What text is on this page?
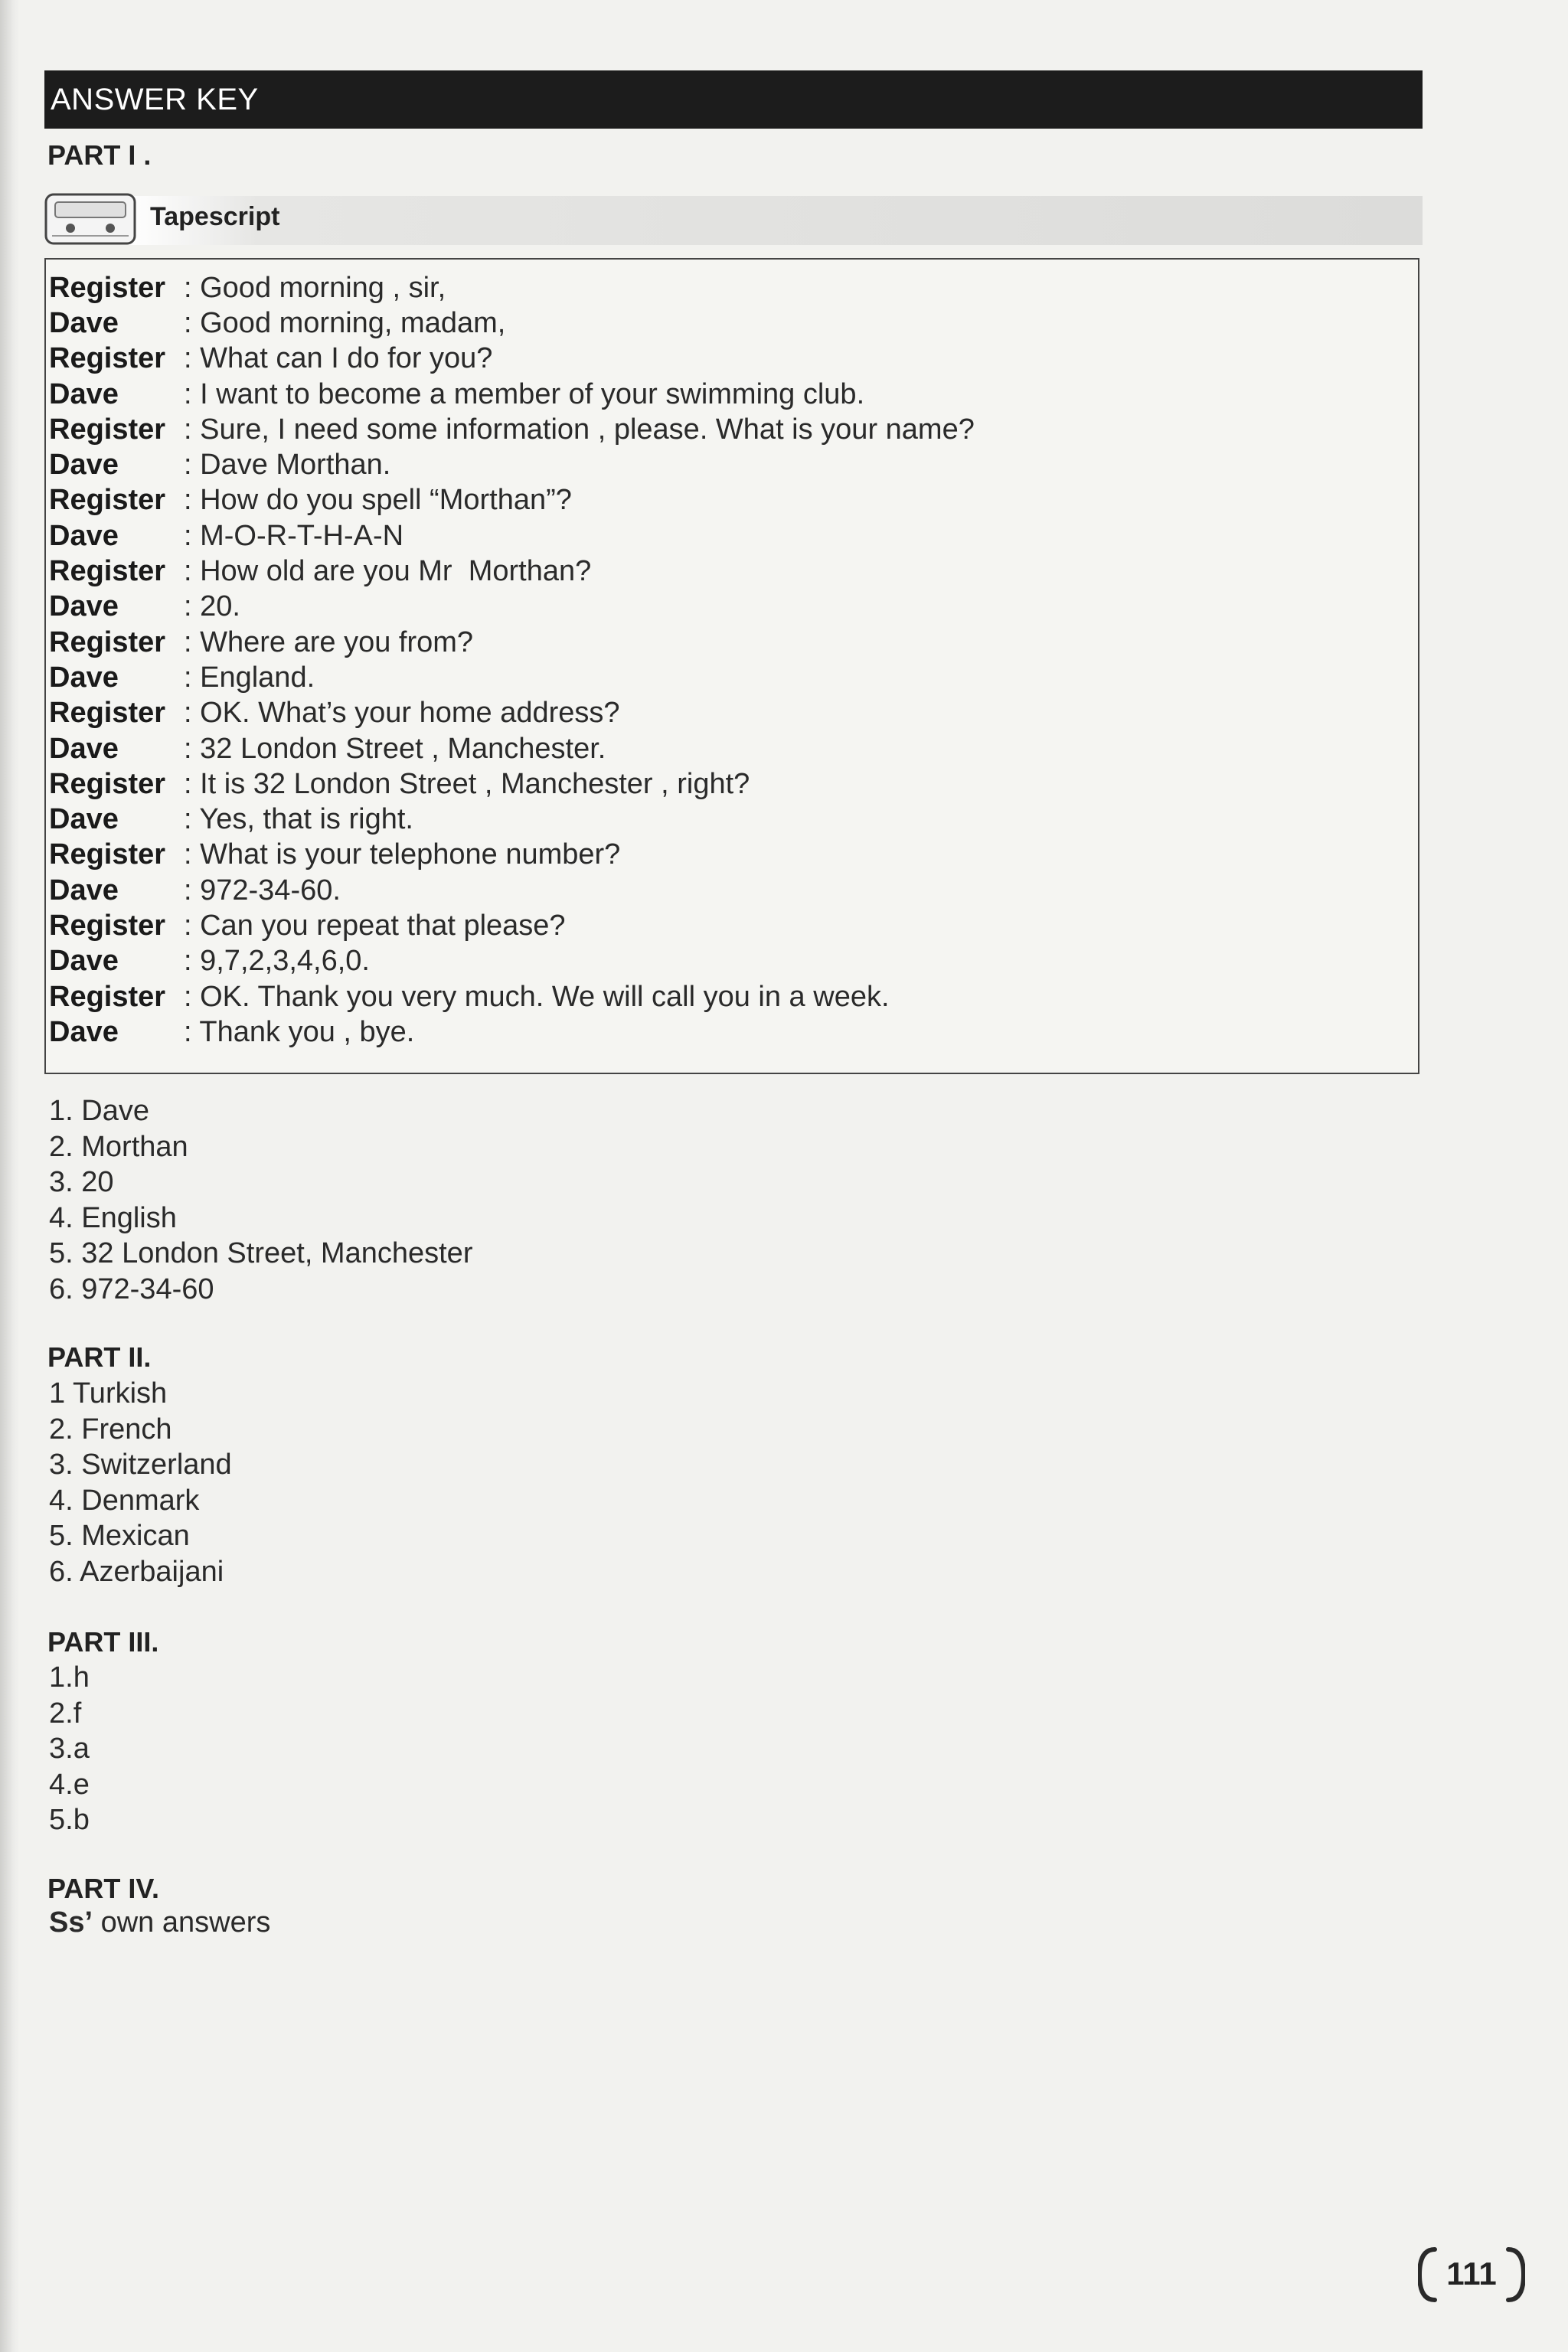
ANSWER KEY
PART I .
Tapescript
Register : Good morning , sir,
Dave	: Good morning, madam,
Register : What can I do for you?
Dave	: I want to become a member of your swimming club.
Register : Sure, I need some information , please. What is your name?
Dave	: Dave Morthan.
Register : How do you spell “Morthan”?
Dave	: M-O-R-T-H-A-N
Register : How old are you Mr  Morthan?
Dave	: 20.
Register : Where are you from?
Dave	: England.
Register : OK. What’s your home address?
Dave	: 32 London Street , Manchester.
Register : It is 32 London Street , Manchester , right?
Dave	: Yes, that is right.
Register : What is your telephone number?
Dave	: 972-34-60.
Register : Can you repeat that please?
Dave	: 9,7,2,3,4,6,0.
Register : OK. Thank you very much. We will call you in a week.
Dave	: Thank you , bye.
1. Dave
2. Morthan
3. 20
4. English
5. 32 London Street, Manchester
6. 972-34-60
PART II.
1 Turkish
2. French
3. Switzerland
4. Denmark
5. Mexican
6. Azerbaijani
PART III.
1.h
2.f
3.a
4.e
5.b
PART IV.
Ss’ own answers
111
